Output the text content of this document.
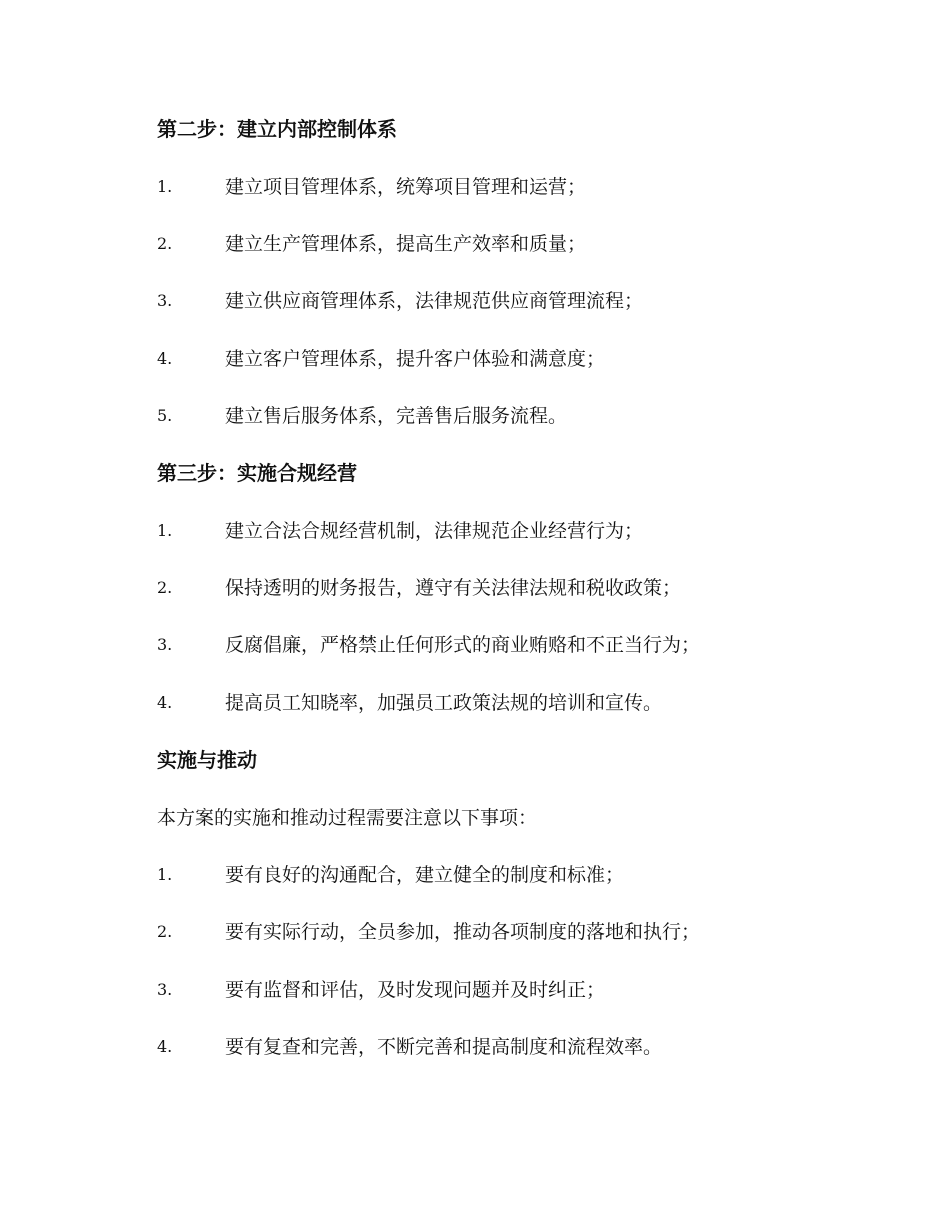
第二步：建立内部控制体系
1.	建立项目管理体系，统筹项目管理和运营；
2.	建立生产管理体系，提高生产效率和质量；
3.	建立供应商管理体系，法律规范供应商管理流程；
4.	建立客户管理体系，提升客户体验和满意度；
5.	建立售后服务体系，完善售后服务流程。
第三步：实施合规经营
1.	建立合法合规经营机制，法律规范企业经营行为；
2.	保持透明的财务报告，遵守有关法律法规和税收政策；
3.	反腐倡廉，严格禁止任何形式的商业贿赂和不正当行为；
4.	提高员工知晓率，加强员工政策法规的培训和宣传。
实施与推动
本方案的实施和推动过程需要注意以下事项：
1.	要有良好的沟通配合，建立健全的制度和标准；
2.	要有实际行动，全员参加，推动各项制度的落地和执行；
3.	要有监督和评估，及时发现问题并及时纠正；
4.	要有复查和完善，不断完善和提高制度和流程效率。
